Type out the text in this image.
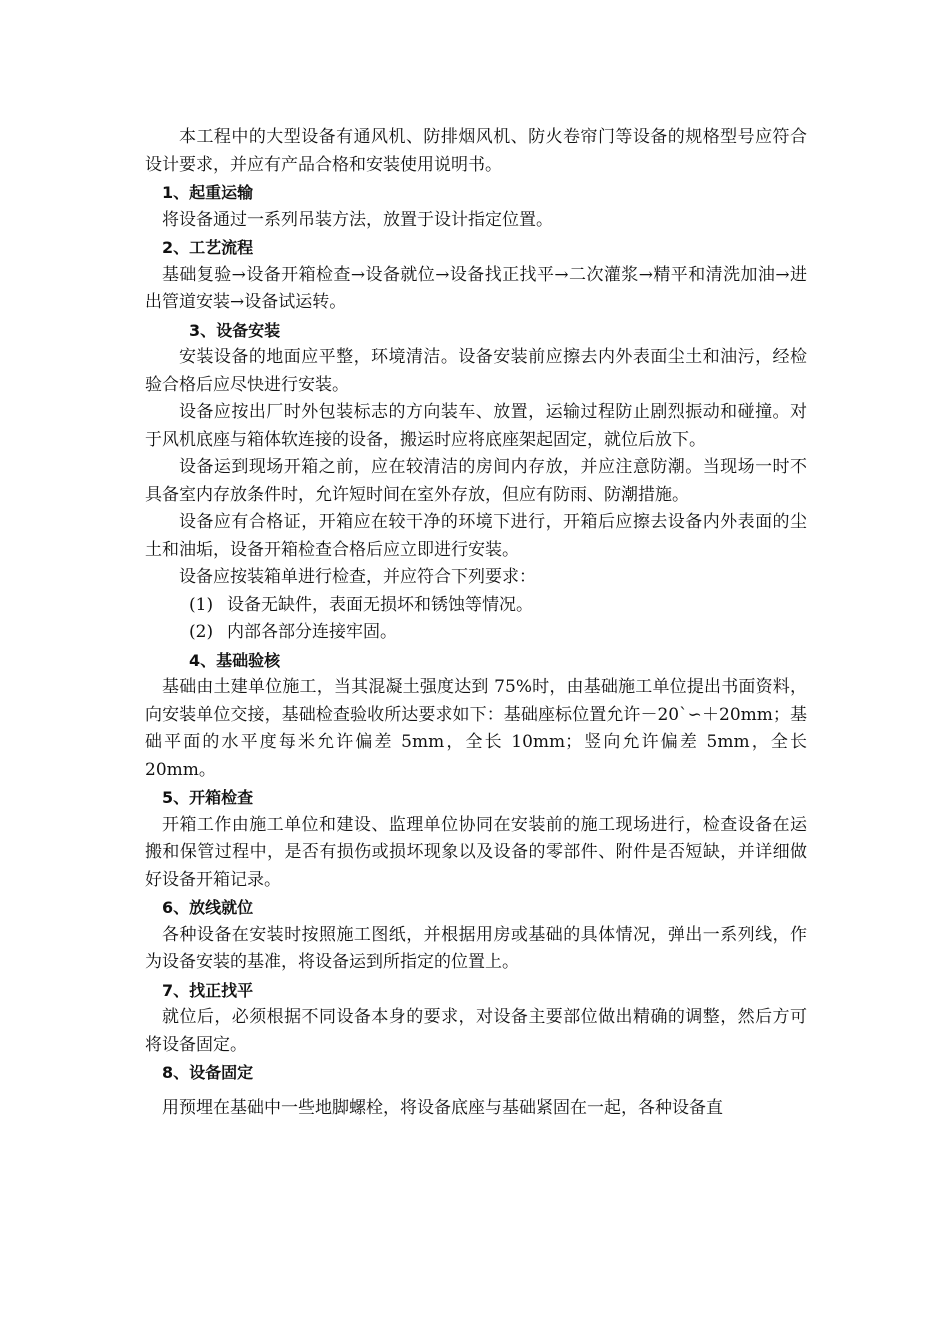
本工程中的大型设备有通风机、防排烟风机、防火卷帘门等设备的规格型号应符合设计要求，并应有产品合格和安装使用说明书。

1、起重运输

将设备通过一系列吊装方法，放置于设计指定位置。

2、工艺流程

基础复验→设备开箱检查→设备就位→设备找正找平→二次灌浆→精平和清洗加油→进出管道安装→设备试运转。

3、设备安装

安装设备的地面应平整，环境清洁。设备安装前应擦去内外表面尘土和油污，经检验合格后应尽快进行安装。

设备应按出厂时外包装标志的方向装车、放置，运输过程防止剧烈振动和碰撞。对于风机底座与箱体软连接的设备，搬运时应将底座架起固定，就位后放下。

设备运到现场开箱之前，应在较清洁的房间内存放，并应注意防潮。当现场一时不具备室内存放条件时，允许短时间在室外存放，但应有防雨、防潮措施。

设备应有合格证，开箱应在较干净的环境下进行，开箱后应擦去设备内外表面的尘土和油垢，设备开箱检查合格后应立即进行安装。

设备应按装箱单进行检查，并应符合下列要求：

(1) 设备无缺件，表面无损坏和锈蚀等情况。

(2) 内部各部分连接牢固。

4、基础验核

基础由土建单位施工，当其混凝土强度达到 75%时，由基础施工单位提出书面资料，向安装单位交接，基础检查验收所达要求如下：基础座标位置允许－20`∽＋20mm；基础平面的水平度每米允许偏差 5mm，全长 10mm；竖向允许偏差 5mm，全长 20mm。

5、开箱检查

开箱工作由施工单位和建设、监理单位协同在安装前的施工现场进行，检查设备在运搬和保管过程中，是否有损伤或损坏现象以及设备的零部件、附件是否短缺，并详细做好设备开箱记录。

6、放线就位

各种设备在安装时按照施工图纸，并根据用房或基础的具体情况，弹出一系列线，作为设备安装的基准，将设备运到所指定的位置上。

7、找正找平

就位后，必须根据不同设备本身的要求，对设备主要部位做出精确的调整，然后方可将设备固定。

8、设备固定

用预埋在基础中一些地脚螺栓，将设备底座与基础紧固在一起，各种设备直
